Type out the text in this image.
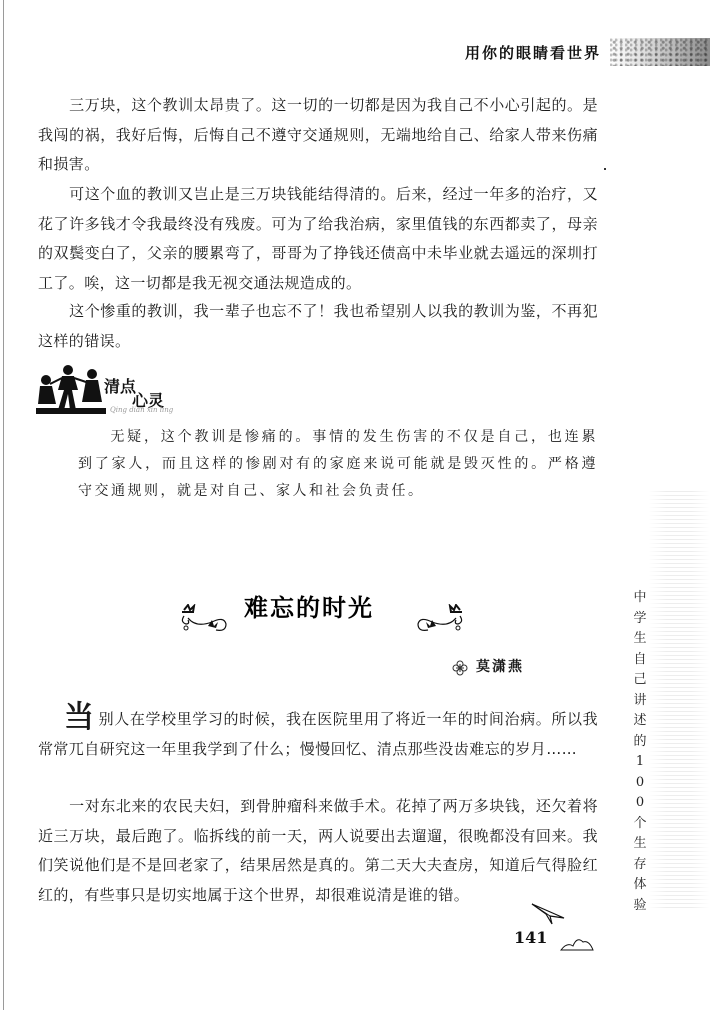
用你的眼睛看世界
三万块，这个教训太昂贵了。这一切的一切都是因为我自己不小心引起的。是我闯的祸，我好后悔，后悔自己不遵守交通规则，无端地给自己、给家人带来伤痛和损害。
可这个血的教训又岂止是三万块钱能结得清的。后来，经过一年多的治疗，又花了许多钱才令我最终没有残废。可为了给我治病，家里值钱的东西都卖了，母亲的双鬓变白了，父亲的腰累弯了，哥哥为了挣钱还债高中未毕业就去遥远的深圳打工了。唉，这一切都是我无视交通法规造成的。
这个惨重的教训，我一辈子也忘不了！我也希望别人以我的教训为鉴，不再犯这样的错误。
清点
心灵
Qing dian xin ling
无疑，这个教训是惨痛的。事情的发生伤害的不仅是自己，也连累到了家人，而且这样的惨剧对有的家庭来说可能就是毁灭性的。严格遵守交通规则，就是对自己、家人和社会负责任。
难忘的时光
莫潇燕
当别人在学校里学习的时候，我在医院里用了将近一年的时间治病。所以我常常兀自研究这一年里我学到了什么；慢慢回忆、清点那些没齿难忘的岁月……
一对东北来的农民夫妇，到骨肿瘤科来做手术。花掉了两万多块钱，还欠着将近三万块，最后跑了。临拆线的前一天，两人说要出去遛遛，很晚都没有回来。我们笑说他们是不是回老家了，结果居然是真的。第二天大夫查房，知道后气得脸红红的，有些事只是切实地属于这个世界，却很难说清是谁的错。
中
学
生
自
己
讲
述
的
1
0
0
个
生
存
体
验
141
